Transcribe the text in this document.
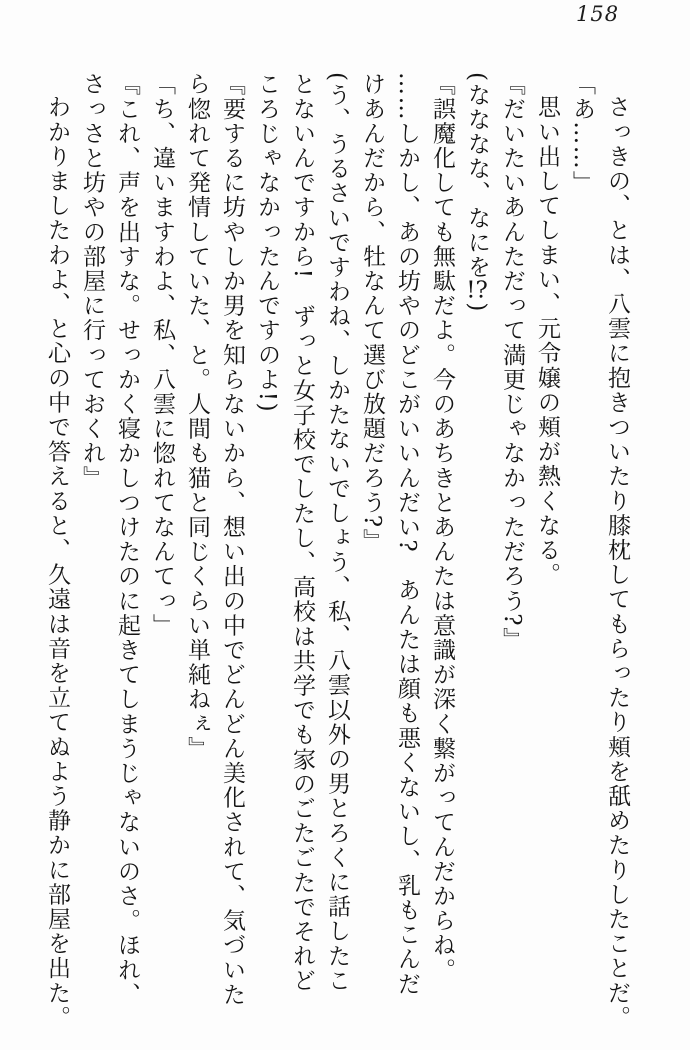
158

さっきの、とは、八雲に抱きついたり膝枕してもらったり頬を舐めたりしたことだ。

「あ……」

思い出してしまい、元令嬢の頬が熱くなる。

『だいたいあんただって満更じゃなかっただろう?』

(なななな、なにを!?)

『誤魔化しても無駄だよ。今のあちきとあんたは意識が深く繋がってんだからね。

……しかし、あの坊やのどこがいいんだい?　あんたは顔も悪くないし、乳もこんだ

けあんだから、牡なんて選び放題だろう?』

(う、うるさいですわね、しかたないでしょう、私、八雲以外の男とろくに話したこ

とないんですから!　ずっと女子校でしたし、高校は共学でも家のごたごたでそれど

ころじゃなかったんですのよ!)

『要するに坊やしか男を知らないから、想い出の中でどんどん美化されて、気づいた

ら惚れて発情していた、と。人間も猫と同じくらい単純ねぇ』

「ち、違いますわよ、私、八雲に惚れてなんてっ」

『これ、声を出すな。せっかく寝かしつけたのに起きてしまうじゃないのさ。ほれ、

さっさと坊やの部屋に行っておくれ』

わかりましたわよ、と心の中で答えると、久遠は音を立てぬよう静かに部屋を出た。
